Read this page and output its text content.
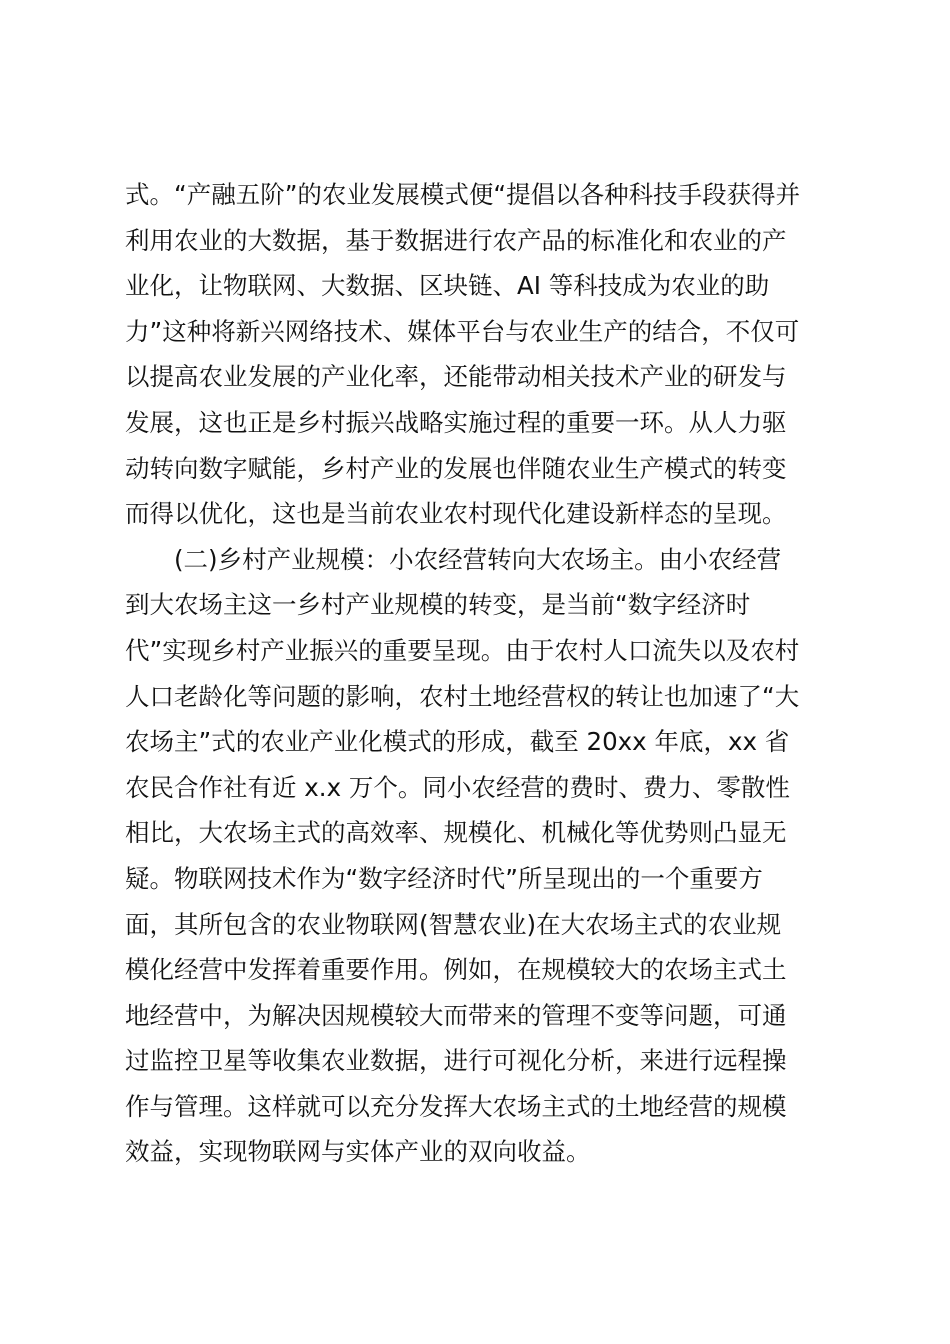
式。“产融五阶”的农业发展模式便“提倡以各种科技手段获得并
利用农业的大数据，基于数据进行农产品的标准化和农业的产
业化，让物联网、大数据、区块链、AI 等科技成为农业的助
力”这种将新兴网络技术、媒体平台与农业生产的结合，不仅可
以提高农业发展的产业化率，还能带动相关技术产业的研发与
发展，这也正是乡村振兴战略实施过程的重要一环。从人力驱
动转向数字赋能，乡村产业的发展也伴随农业生产模式的转变
而得以优化，这也是当前农业农村现代化建设新样态的呈现。
(二)乡村产业规模：小农经营转向大农场主。由小农经营
到大农场主这一乡村产业规模的转变，是当前“数字经济时
代”实现乡村产业振兴的重要呈现。由于农村人口流失以及农村
人口老龄化等问题的影响，农村土地经营权的转让也加速了“大
农场主”式的农业产业化模式的形成，截至 20xx 年底，xx 省
农民合作社有近 x.x 万个。同小农经营的费时、费力、零散性
相比，大农场主式的高效率、规模化、机械化等优势则凸显无
疑。物联网技术作为“数字经济时代”所呈现出的一个重要方
面，其所包含的农业物联网(智慧农业)在大农场主式的农业规
模化经营中发挥着重要作用。例如，在规模较大的农场主式土
地经营中，为解决因规模较大而带来的管理不变等问题，可通
过监控卫星等收集农业数据，进行可视化分析，来进行远程操
作与管理。这样就可以充分发挥大农场主式的土地经营的规模
效益，实现物联网与实体产业的双向收益。
